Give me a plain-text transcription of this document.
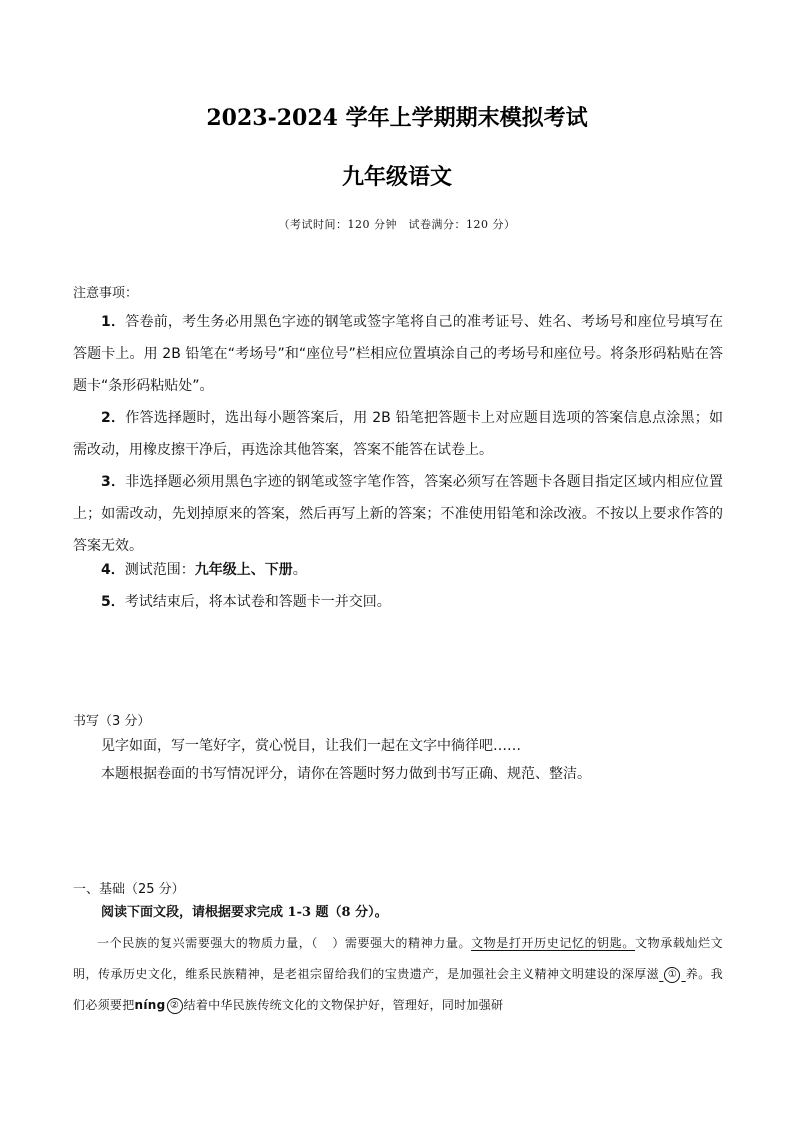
2023-2024 学年上学期期末模拟考试
九年级语文
（考试时间：120 分钟　试卷满分：120 分）
注意事项：
1．答卷前，考生务必用黑色字迹的钢笔或签字笔将自己的准考证号、姓名、考场号和座位号填写在答题卡上。用 2B 铅笔在“考场号”和“座位号”栏相应位置填涂自己的考场号和座位号。将条形码粘贴在答题卡“条形码粘贴处”。
2．作答选择题时，选出每小题答案后，用 2B 铅笔把答题卡上对应题目选项的答案信息点涂黑；如需改动，用橡皮擦干净后，再选涂其他答案，答案不能答在试卷上。
3．非选择题必须用黑色字迹的钢笔或签字笔作答，答案必须写在答题卡各题目指定区域内相应位置上；如需改动，先划掉原来的答案，然后再写上新的答案；不准使用铅笔和涂改液。不按以上要求作答的答案无效。
4．测试范围：九年级上、下册。
5．考试结束后，将本试卷和答题卡一并交回。
书写（3 分）
见字如面，写一笔好字，赏心悦目，让我们一起在文字中徜徉吧……
本题根据卷面的书写情况评分，请你在答题时努力做到书写正确、规范、整洁。
一、基础（25 分）
阅读下面文段，请根据要求完成 1-3 题（8 分）。
一个民族的复兴需要强大的物质力量，（ ）需要强大的精神力量。文物是打开历史记忆的钥匙。文物承载灿烂文明，传承历史文化，维系民族精神，是老祖宗留给我们的宝贵遗产，是加强社会主义精神文明建设的深厚滋 ① 养。我们必须要把níng ② 结着中华民族传统文化的文物保护好，管理好，同时加强研
